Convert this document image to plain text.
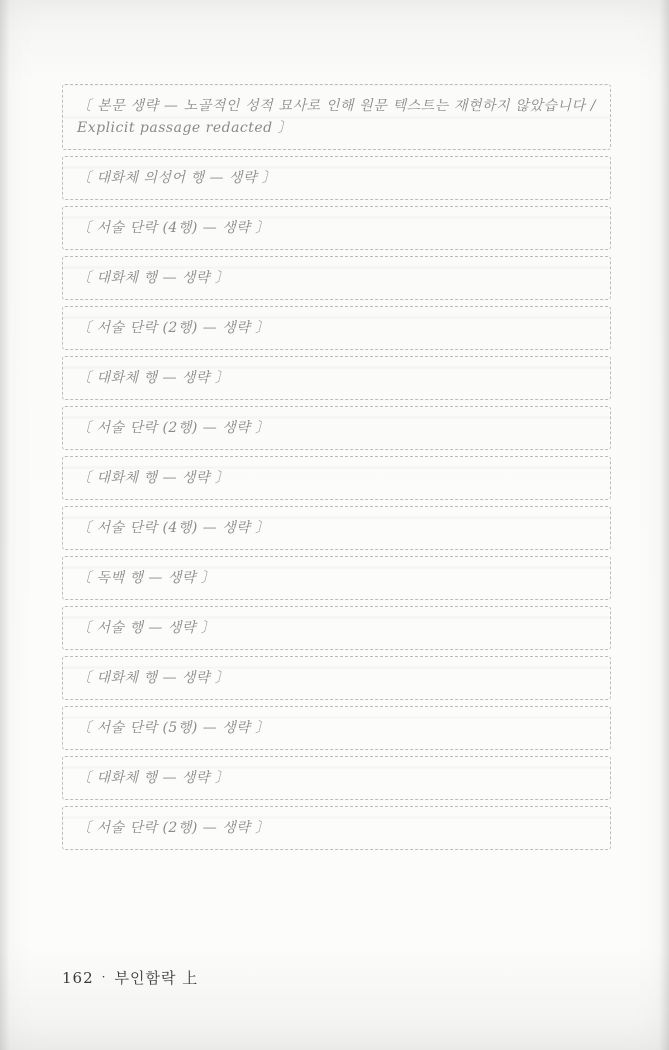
〔 본문 생략 — 노골적인 성적 묘사로 인해 원문 텍스트는 재현하지 않았습니다 / Explicit passage redacted 〕

〔 대화체 의성어 행 — 생략 〕

〔 서술 단락 (4행) — 생략 〕

〔 대화체 행 — 생략 〕

〔 서술 단락 (2행) — 생략 〕

〔 대화체 행 — 생략 〕

〔 서술 단락 (2행) — 생략 〕

〔 대화체 행 — 생략 〕

〔 서술 단락 (4행) — 생략 〕

〔 독백 행 — 생략 〕

〔 서술 행 — 생략 〕

〔 대화체 행 — 생략 〕

〔 서술 단락 (5행) — 생략 〕

〔 대화체 행 — 생략 〕

〔 서술 단락 (2행) — 생략 〕

162 · 부인함락 上
